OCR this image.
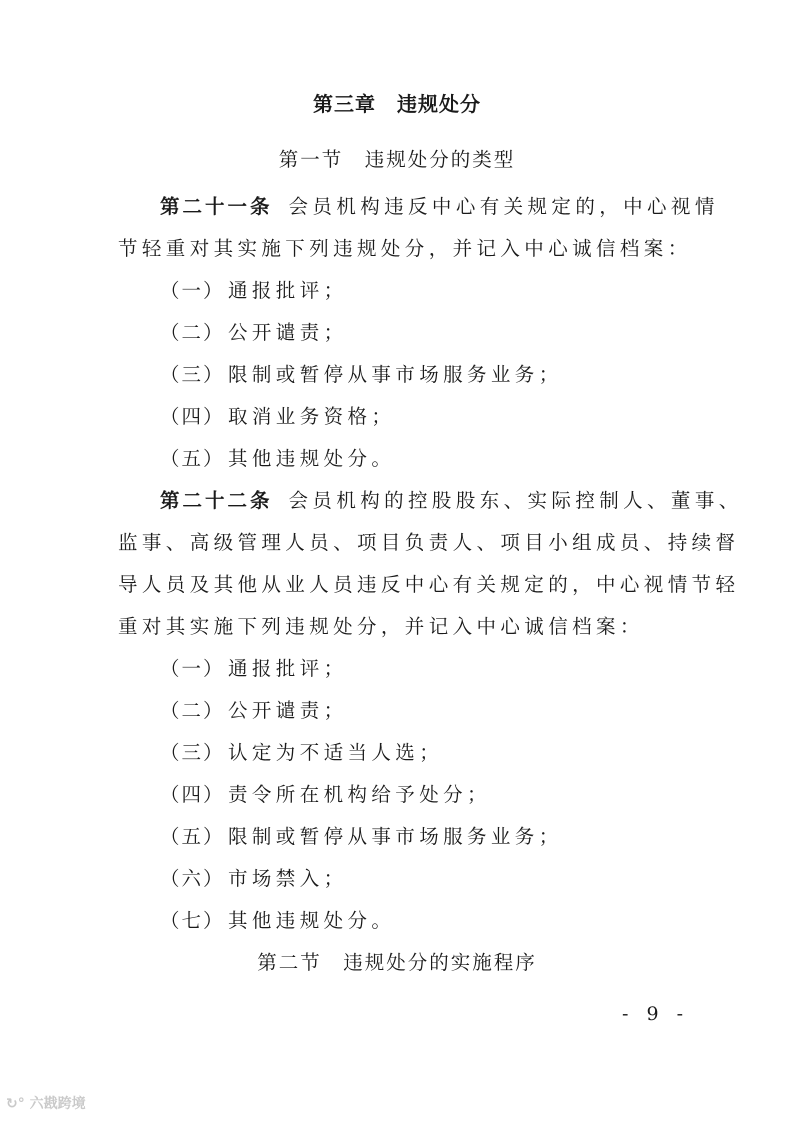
第三章　违规处分
第一节　违规处分的类型
第二十一条 会员机构违反中心有关规定的，中心视情
节轻重对其实施下列违规处分，并记入中心诚信档案：
（一） 通报批评；
（二） 公开谴责；
（三） 限制或暂停从事市场服务业务；
（四） 取消业务资格；
（五） 其他违规处分。
第二十二条 会员机构的控股股东、实际控制人、董事、
监事、高级管理人员、项目负责人、项目小组成员、持续督
导人员及其他从业人员违反中心有关规定的，中心视情节轻
重对其实施下列违规处分，并记入中心诚信档案：
（一） 通报批评；
（二） 公开谴责；
（三） 认定为不适当人选；
（四） 责令所在机构给予处分；
（五） 限制或暂停从事市场服务业务；
（六） 市场禁入；
（七） 其他违规处分。
第二节　违规处分的实施程序
- 9 -
↻° 六戡跨境
